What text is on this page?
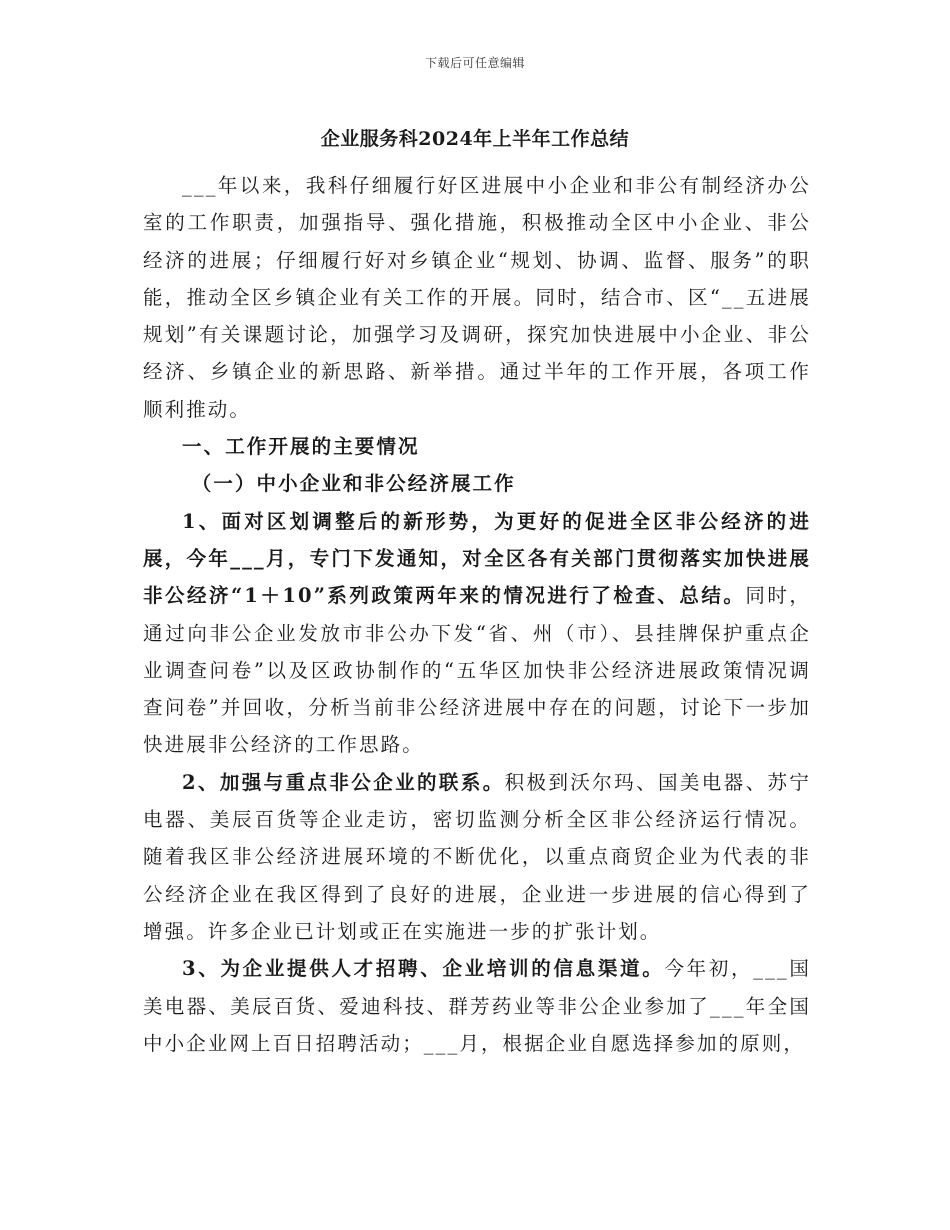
下载后可任意编辑
企业服务科2024年上半年工作总结

___年以来，我科仔细履行好区进展中小企业和非公有制经济办公室的工作职责，加强指导、强化措施，积极推动全区中小企业、非公经济的进展；仔细履行好对乡镇企业“规划、协调、监督、服务”的职能，推动全区乡镇企业有关工作的开展。同时，结合市、区“__五进展规划”有关课题讨论，加强学习及调研，探究加快进展中小企业、非公经济、乡镇企业的新思路、新举措。通过半年的工作开展，各项工作顺利推动。

一、工作开展的主要情况

（一）中小企业和非公经济展工作

1、面对区划调整后的新形势，为更好的促进全区非公经济的进展，今年___月，专门下发通知，对全区各有关部门贯彻落实加快进展非公经济“1＋10”系列政策两年来的情况进行了检查、总结。同时，通过向非公企业发放市非公办下发“省、州（市）、县挂牌保护重点企业调查问卷”以及区政协制作的“五华区加快非公经济进展政策情况调查问卷”并回收，分析当前非公经济进展中存在的问题，讨论下一步加快进展非公经济的工作思路。

2、加强与重点非公企业的联系。积极到沃尔玛、国美电器、苏宁电器、美辰百货等企业走访，密切监测分析全区非公经济运行情况。随着我区非公经济进展环境的不断优化，以重点商贸企业为代表的非公经济企业在我区得到了良好的进展，企业进一步进展的信心得到了增强。许多企业已计划或正在实施进一步的扩张计划。

3、为企业提供人才招聘、企业培训的信息渠道。今年初，___国美电器、美辰百货、爱迪科技、群芳药业等非公企业参加了___年全国中小企业网上百日招聘活动；___月，根据企业自愿选择参加的原则，
